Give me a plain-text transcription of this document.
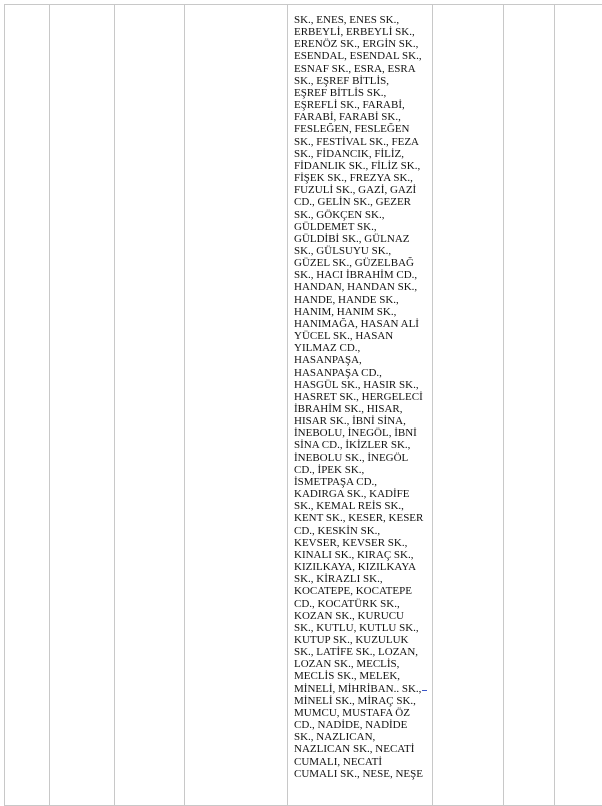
SK., ENES, ENES SK.,
ERBEYLİ, ERBEYLİ SK.,
ERENÖZ SK., ERGİN SK.,
ESENDAL, ESENDAL SK.,
ESNAF SK., ESRA, ESRA
SK., EŞREF BİTLİS,
EŞREF BİTLİS SK.,
EŞREFLİ SK., FARABİ,
FARABİ, FARABİ SK.,
FESLEĞEN, FESLEĞEN
SK., FESTİVAL SK., FEZA
SK., FİDANCIK, FİLİZ,
FİDANLIK SK., FİLİZ SK.,
FİŞEK SK., FREZYA SK.,
FUZULİ SK., GAZİ, GAZİ
CD., GELİN SK., GEZER
SK., GÖKÇEN SK.,
GÜLDEMET SK.,
GÜLDİBİ SK., GÜLNAZ
SK., GÜLSUYU SK.,
GÜZEL SK., GÜZELBAĞ
SK., HACI İBRAHİM CD.,
HANDAN, HANDAN SK.,
HANDE, HANDE SK.,
HANIM, HANIM SK.,
HANIMAĞA, HASAN ALİ
YÜCEL SK., HASAN
YILMAZ CD.,
HASANPAŞA,
HASANPAŞA CD.,
HASGÜL SK., HASIR SK.,
HASRET SK., HERGELECİ
İBRAHİM SK., HISAR,
HISAR SK., İBNİ SİNA,
İNEBOLU, İNEGÖL, İBNİ
SİNA CD., İKİZLER SK.,
İNEBOLU SK., İNEGÖL
CD., İPEK SK.,
İSMETPAŞA CD.,
KADIRGA SK., KADİFE
SK., KEMAL REİS SK.,
KENT SK., KESER, KESER
CD., KESKİN SK.,
KEVSER, KEVSER SK.,
KINALI SK., KIRAÇ SK.,
KIZILKAYA, KIZILKAYA
SK., KİRAZLI SK.,
KOCATEPE, KOCATEPE
CD., KOCATÜRK SK.,
KOZAN SK., KURUCU
SK., KUTLU, KUTLU SK.,
KUTUP SK., KUZULUK
SK., LATİFE SK., LOZAN,
LOZAN SK., MECLİS,
MECLİS SK., MELEK,
MİNELİ, MİHRİBAN.. SK.,
MİNELİ SK., MİRAÇ SK.,
MUMCU, MUSTAFA ÖZ
CD., NADİDE, NADİDE
SK., NAZLICAN,
NAZLICAN SK., NECATİ
CUMALI, NECATİ
CUMALI SK., NESE, NEŞE
